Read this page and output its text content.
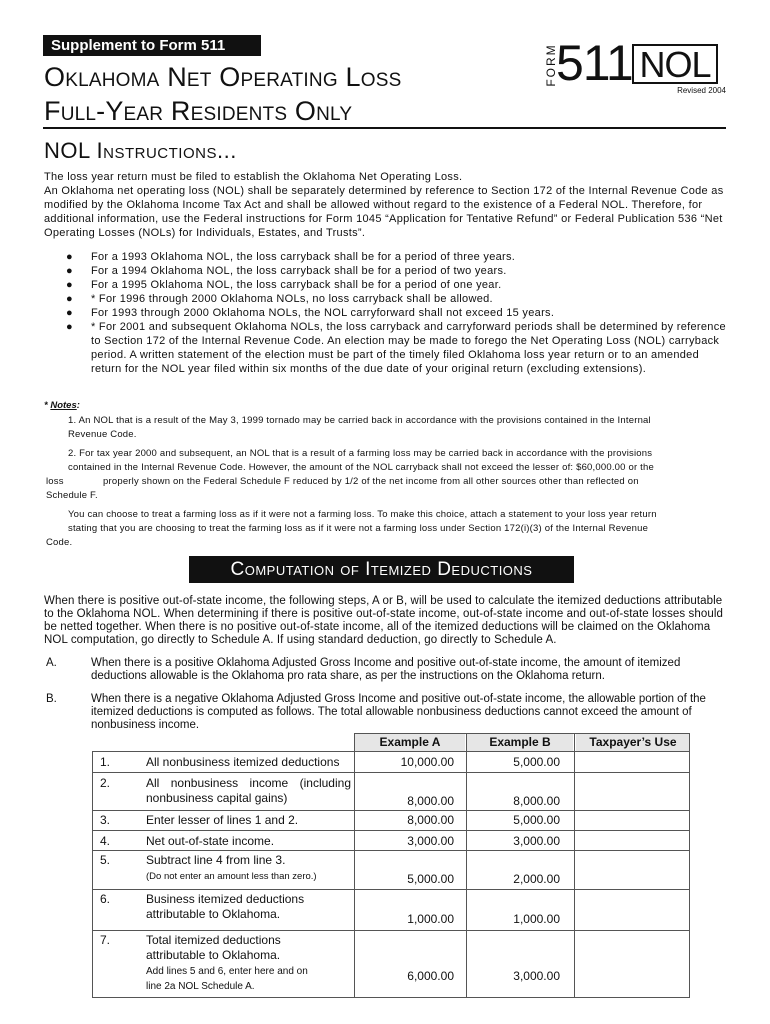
Supplement to Form 511
Oklahoma Net Operating Loss
Full-Year Residents Only
FORM
511 NOL
Revised 2004
NOL Instructions...
The loss year return must be filed to establish the Oklahoma Net Operating Loss.
An Oklahoma net operating loss (NOL) shall be separately determined by reference to Section 172 of the Internal Revenue Code as modified by the Oklahoma Income Tax Act and shall be allowed without regard to the existence of a Federal NOL. Therefore, for additional information, use the Federal instructions for Form 1045 “Application for Tentative Refund” or Federal Publication 536 “Net Operating Losses (NOLs) for Individuals, Estates, and Trusts”.

● For a 1993 Oklahoma NOL, the loss carryback shall be for a period of three years.

● For a 1994 Oklahoma NOL, the loss carryback shall be for a period of two years.

● For a 1995 Oklahoma NOL, the loss carryback shall be for a period of one year.

● * For 1996 through 2000 Oklahoma NOLs, no loss carryback shall be allowed.

● For 1993 through 2000 Oklahoma NOLs, the NOL carryforward shall not exceed 15 years.

● * For 2001 and subsequent Oklahoma NOLs, the loss carryback and carryforward periods shall be determined by reference to Section 172 of the Internal Revenue Code. An election may be made to forego the Net Operating Loss (NOL) carryback period. A written statement of the election must be part of the timely filed Oklahoma loss year return or to an amended return for the NOL year filed within six months of the due date of your original return (excluding extensions).

* Notes:
1. An NOL that is a result of the May 3, 1999 tornado may be carried back in accordance with the provisions contained in the Internal
Revenue Code.
2. For tax year 2000 and subsequent, an NOL that is a result of a farming loss may be carried back in accordance with the provisions
contained in the Internal Revenue Code. However, the amount of the NOL carryback shall not exceed the lesser of: $60,000.00 or the
loss	properly shown on the Federal Schedule F reduced by 1/2 of the net income from all other sources other than reflected on
Schedule F.
You can choose to treat a farming loss as if it were not a farming loss. To make this choice, attach a statement to your loss year return
stating that you are choosing to treat the farming loss as if it were not a farming loss under Section 172(i)(3) of the Internal Revenue
Code.
Computation of Itemized Deductions
When there is positive out-of-state income, the following steps, A or B, will be used to calculate the itemized deductions attributable to the Oklahoma NOL. When determining if there is positive out-of-state income, out-of-state income and out-of-state losses should be netted together. When there is no positive out-of-state income, all of the itemized deductions will be claimed on the Oklahoma NOL computation, go directly to Schedule A. If using standard deduction, go directly to Schedule A.
A.	When there is a positive Oklahoma Adjusted Gross Income and positive out-of-state income, the amount of itemized deductions allowable is the Oklahoma pro rata share, as per the instructions on the Oklahoma return.
B.	When there is a negative Oklahoma Adjusted Gross Income and positive out-of-state income, the allowable portion of the itemized deductions is computed as follows. The total allowable nonbusiness deductions cannot exceed the amount of nonbusiness income.
Example A	Example B	Taxpayer’s Use
1.	All nonbusiness itemized deductions	10,000.00	5,000.00
2.	All nonbusiness income (including nonbusiness capital gains)	8,000.00	8,000.00
3.	Enter lesser of lines 1 and 2.	8,000.00	5,000.00
4.	Net out-of-state income.	3,000.00	3,000.00
5.	Subtract line 4 from line 3.
(Do not enter an amount less than zero.)	5,000.00	2,000.00
6.	Business itemized deductions attributable to Oklahoma.	1,000.00	1,000.00
7.	Total itemized deductions attributable to Oklahoma.
Add lines 5 and 6, enter here and on line 2a NOL Schedule A.
6,000.00	3,000.00
